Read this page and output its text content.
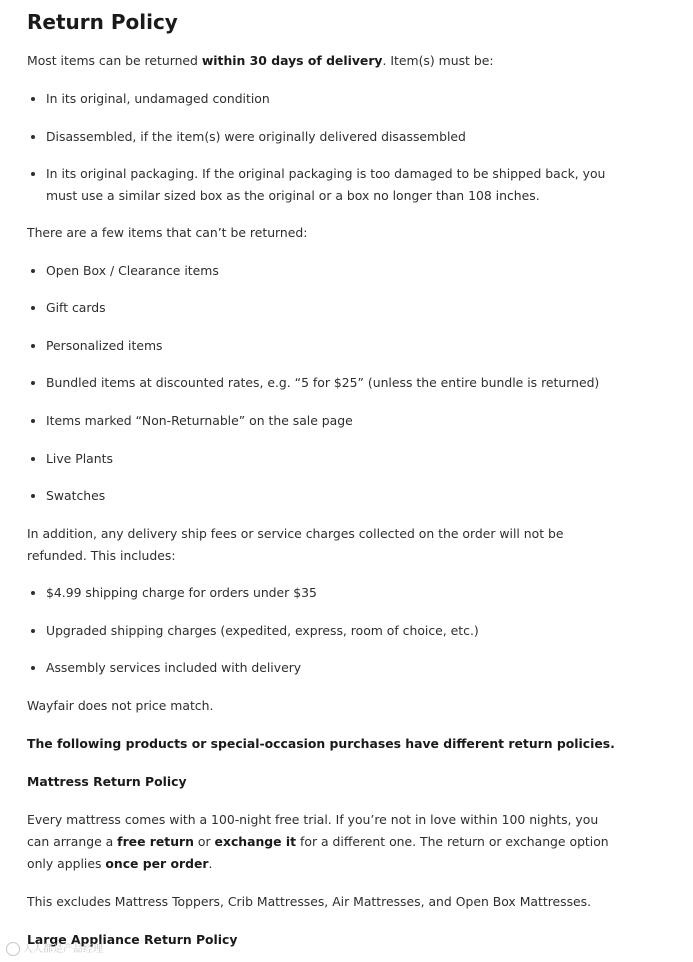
Return Policy

Most items can be returned within 30 days of delivery. Item(s) must be:

In its original, undamaged condition
Disassembled, if the item(s) were originally delivered disassembled
In its original packaging. If the original packaging is too damaged to be shipped back, you must use a similar sized box as the original or a box no longer than 108 inches.

There are a few items that can’t be returned:

Open Box / Clearance items
Gift cards
Personalized items
Bundled items at discounted rates, e.g. “5 for $25” (unless the entire bundle is returned)
Items marked “Non-Returnable” on the sale page
Live Plants
Swatches

In addition, any delivery ship fees or service charges collected on the order will not be refunded. This includes:

$4.99 shipping charge for orders under $35
Upgraded shipping charges (expedited, express, room of choice, etc.)
Assembly services included with delivery

Wayfair does not price match.

The following products or special-occasion purchases have different return policies.

Mattress Return Policy

Every mattress comes with a 100-night free trial. If you’re not in love within 100 nights, you can arrange a free return or exchange it for a different one. The return or exchange option only applies once per order.

This excludes Mattress Toppers, Crib Mattresses, Air Mattresses, and Open Box Mattresses.

Large Appliance Return Policy

人人都是产品经理
